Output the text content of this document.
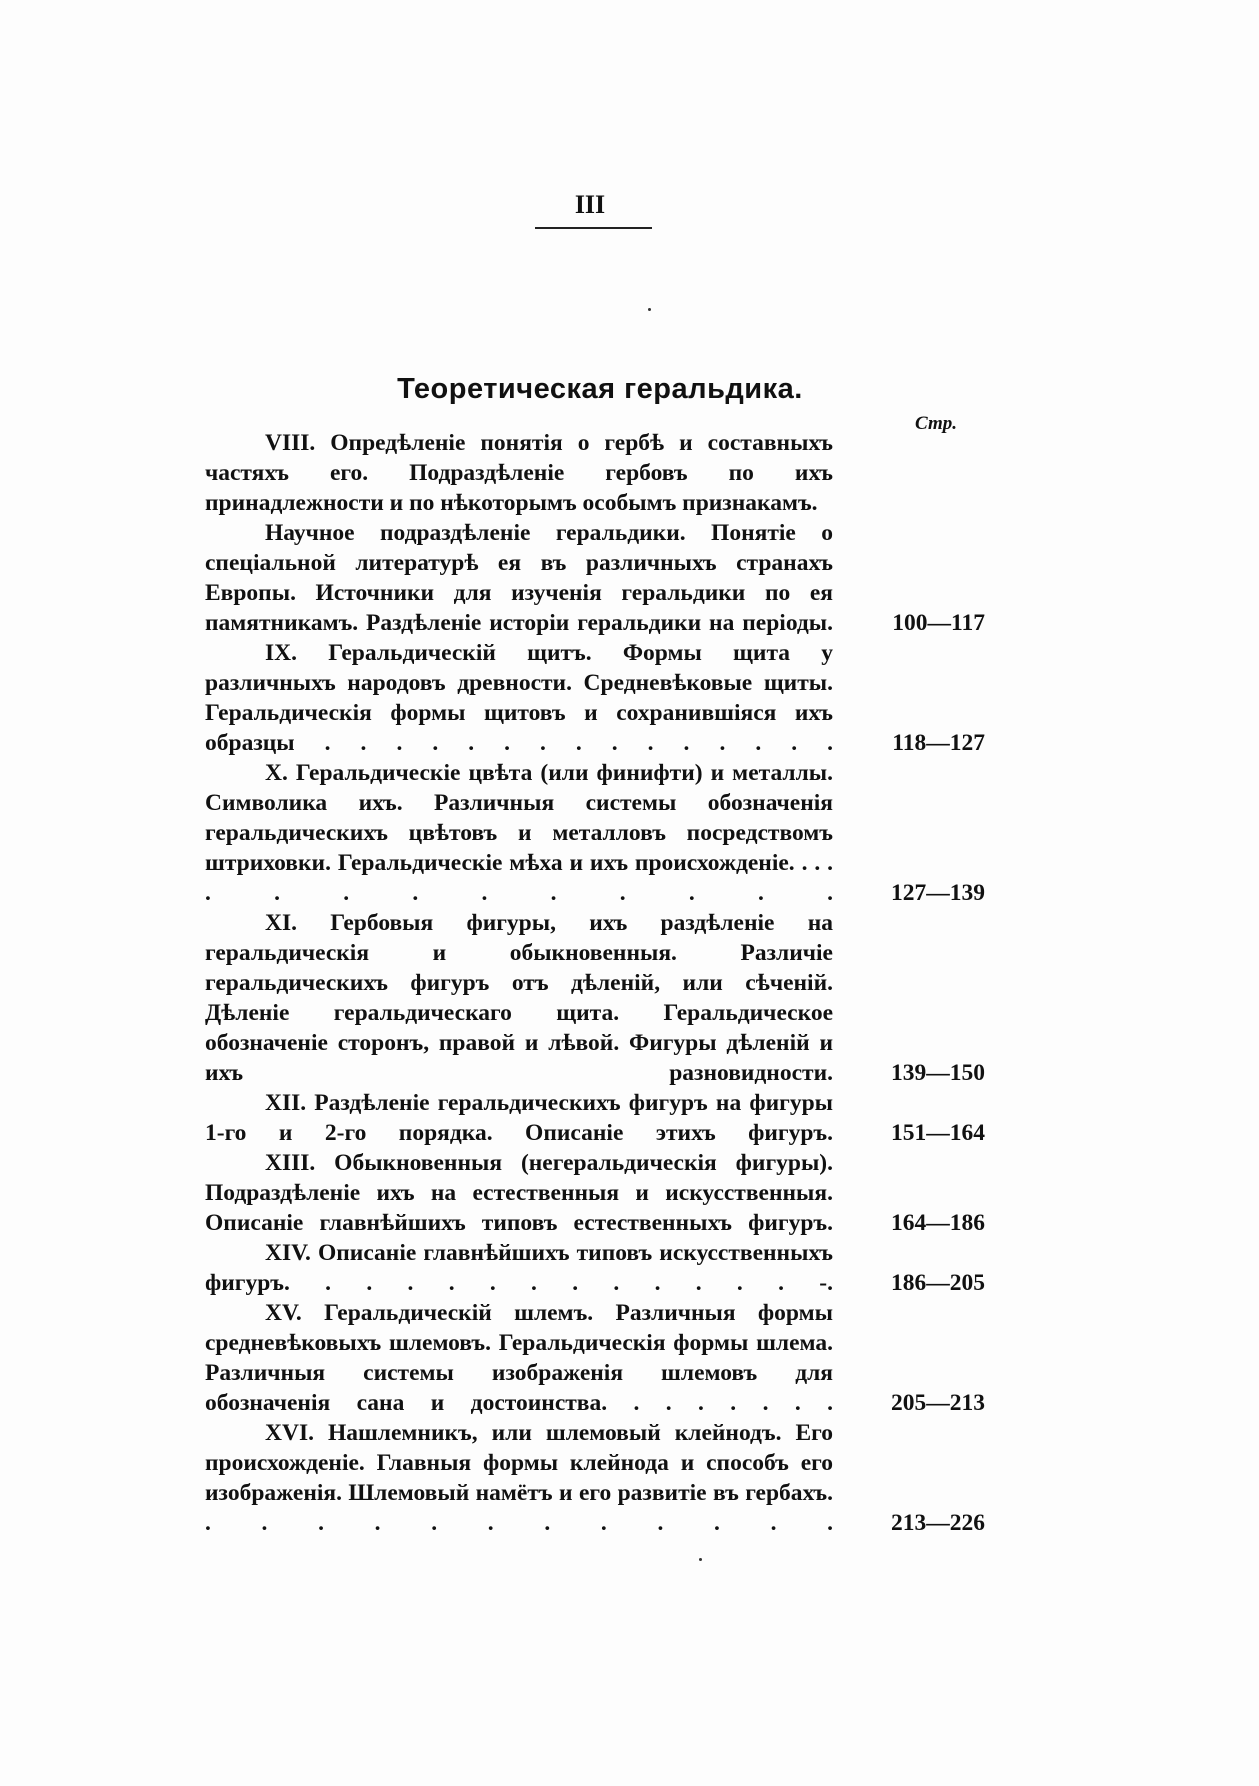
III
Теоретическая геральдика.
Стр.

VIII. Опредѣленіе понятія о гербѣ и составныхъ частяхъ его. Подраздѣленіе гербовъ по ихъ принадлежности и по нѣкоторымъ особымъ признакамъ.

Научное подраздѣленіе геральдики. Понятіе о спеціальной литературѣ ея въ различныхъ странахъ Европы. Источники для изученія геральдики по ея памятникамъ. Раздѣленіе исторіи геральдики на періоды.	100—117

IX. Геральдическій щитъ. Формы щита у различныхъ народовъ древности. Средневѣковые щиты. Геральдическія формы щитовъ и сохранившіяся ихъ образцы . . . . . . . . . . . . . . .	118—127

X. Геральдическіе цвѣта (или финифти) и металлы. Символика ихъ. Различныя системы обозначенія геральдическихъ цвѣтовъ и металловъ посредствомъ штриховки. Геральдическіе мѣха и ихъ происхожденіе. . . . . . . . . . . . . .	127—139

XI. Гербовыя фигуры, ихъ раздѣленіе на геральдическія и обыкновенныя. Различіе геральдическихъ фигуръ отъ дѣленій, или сѣченій. Дѣленіе геральдическаго щита. Геральдическое обозначеніе сторонъ, правой и лѣвой. Фигуры дѣленій и ихъ разновидности.	139—150

XII. Раздѣленіе геральдическихъ фигуръ на фигуры 1-го и 2-го порядка. Описаніе этихъ фигуръ.	151—164

XIII. Обыкновенныя (негеральдическія фигуры). Подраздѣленіе ихъ на естественныя и искусственныя. Описаніе главнѣйшихъ типовъ естественныхъ фигуръ.	164—186

XIV. Описаніе главнѣйшихъ типовъ искусственныхъ фигуръ. . . . . . . . . . . . . -.	186—205

XV. Геральдическій шлемъ. Различныя формы средневѣковыхъ шлемовъ. Геральдическія формы шлема. Различныя системы изображенія шлемовъ для обозначенія сана и достоинства. . . . . . . .	205—213

XVI. Нашлемникъ, или шлемовый клейнодъ. Его происхожденіе. Главныя формы клейнода и способъ его изображенія. Шлемовый намётъ и его развитіе въ гербахъ. . . . . . . . . . . . .	213—226
